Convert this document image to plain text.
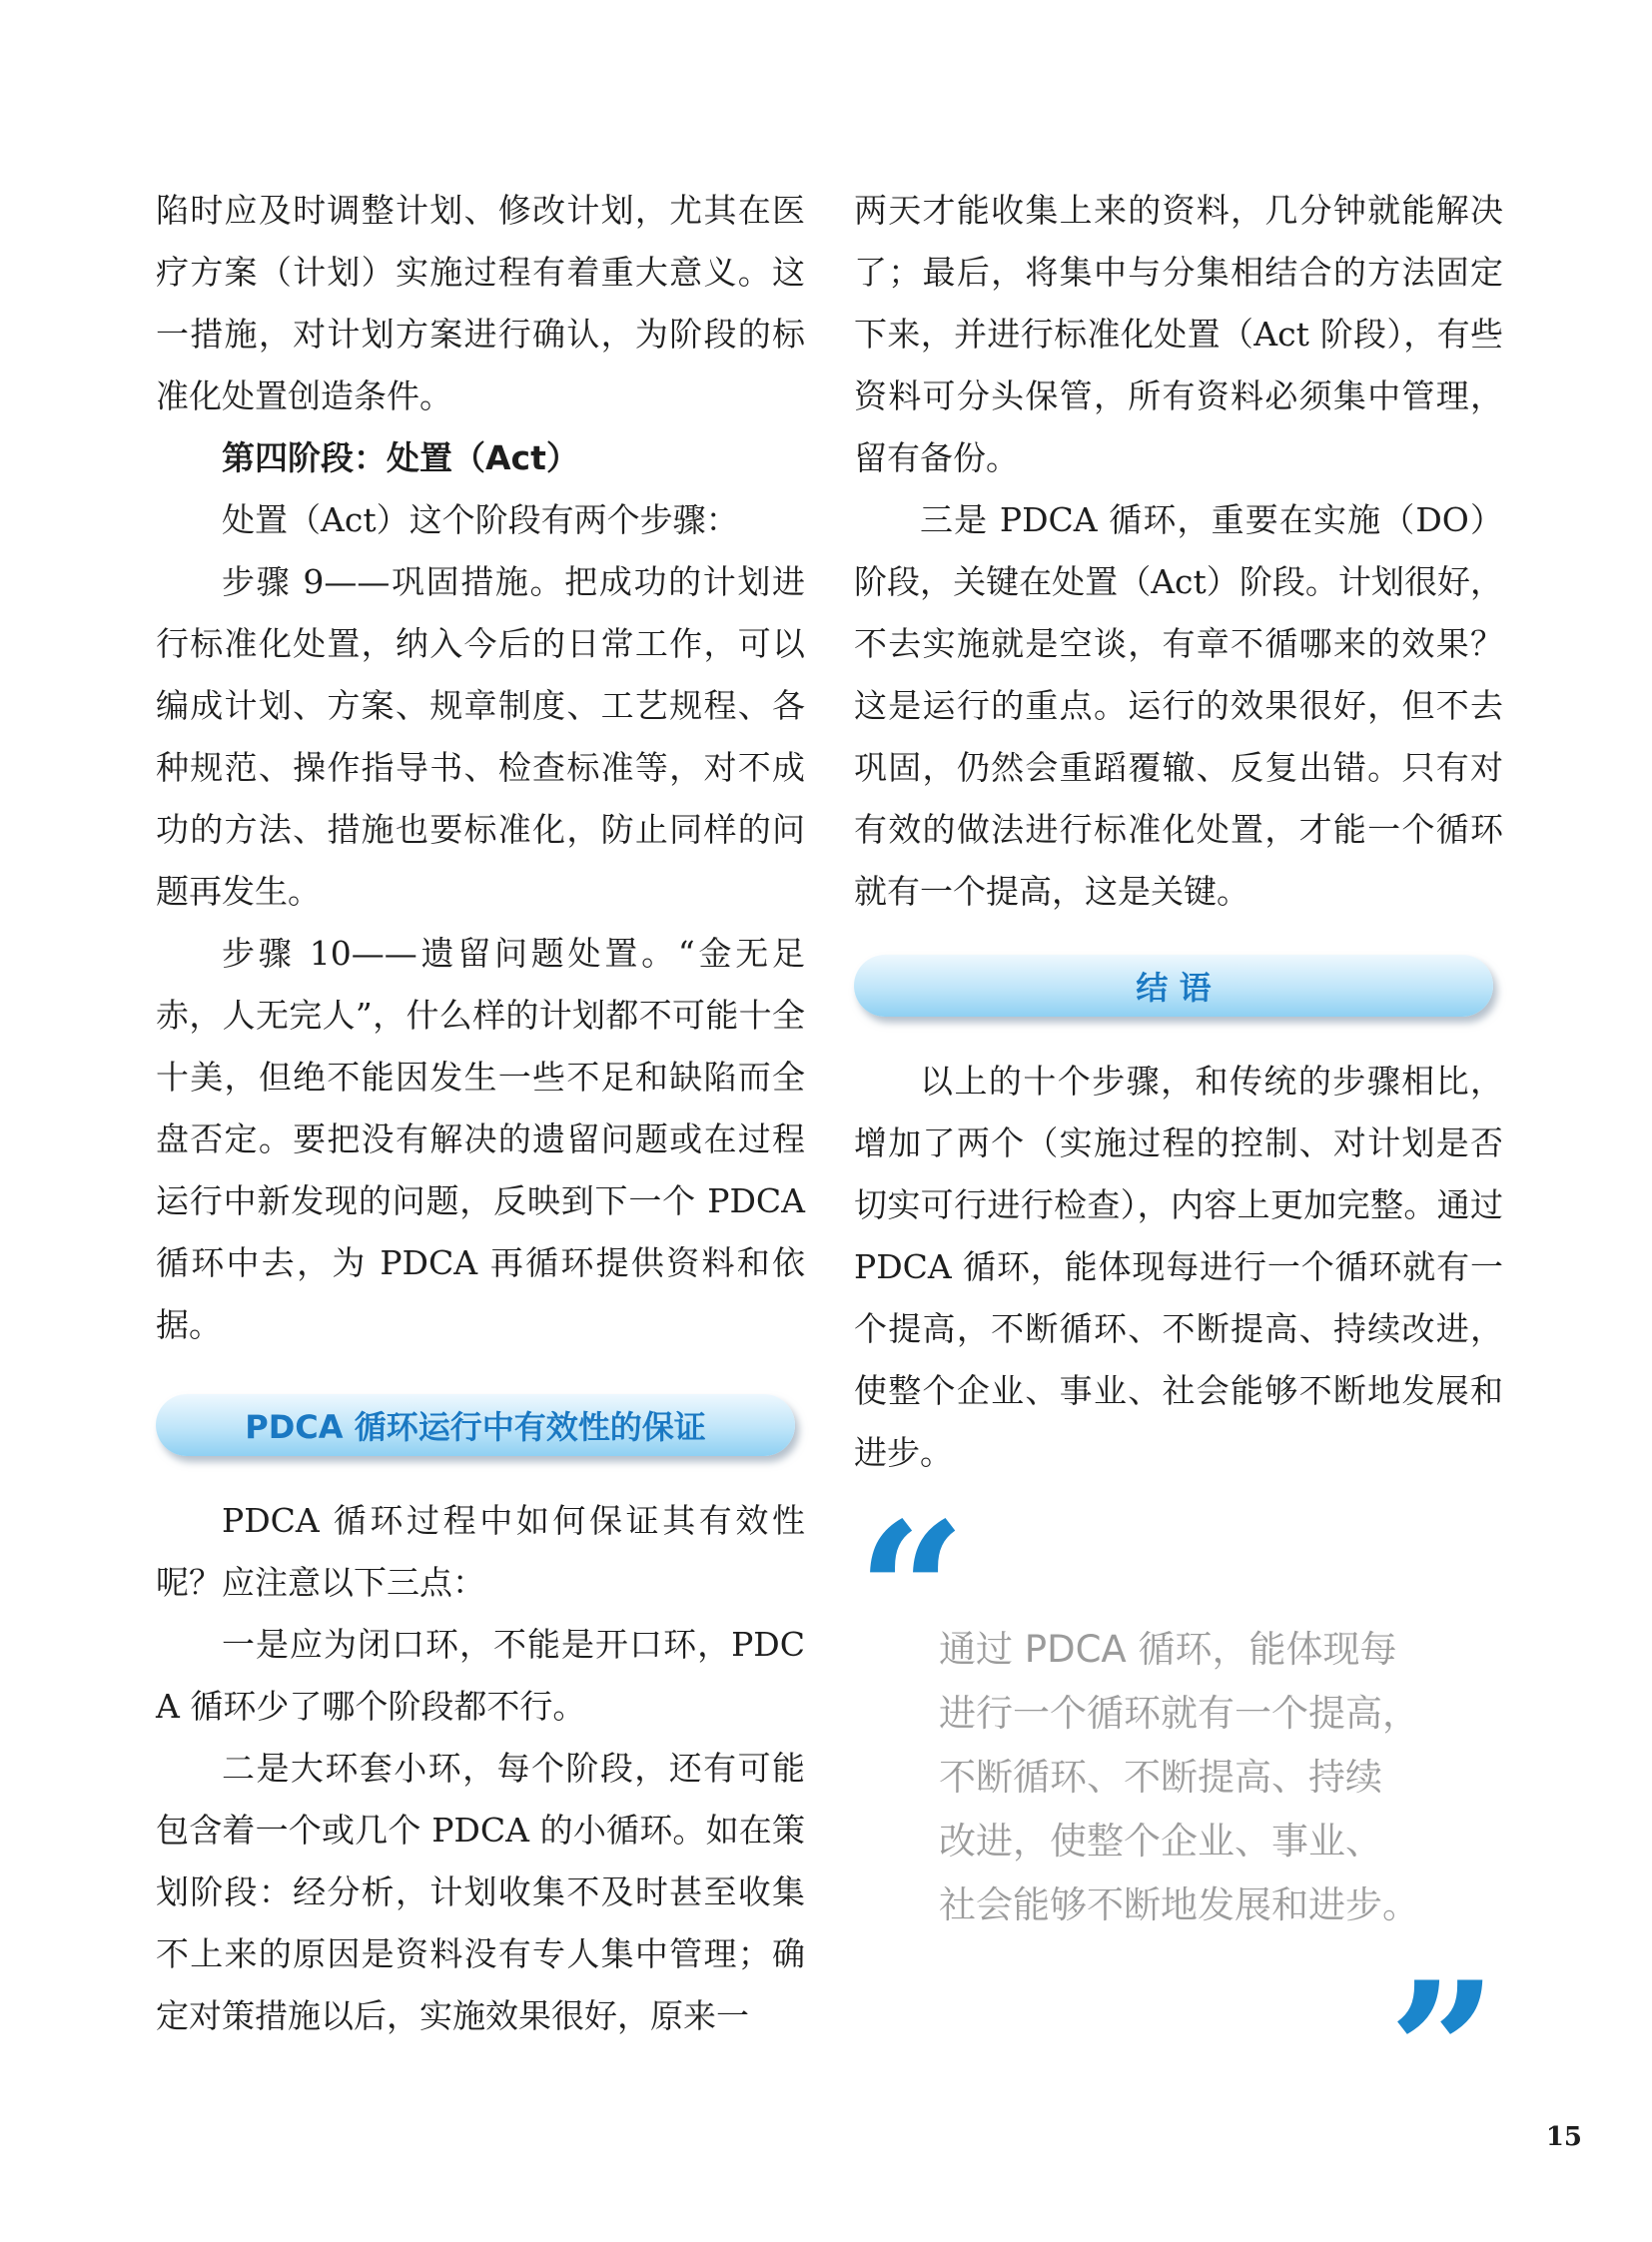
陷时应及时调整计划、修改计划，尤其在医疗方案（计划）实施过程有着重大意义。这一措施，对计划方案进行确认，为阶段的标准化处置创造条件。

第四阶段：处置（Act）

处置（Act）这个阶段有两个步骤：

步骤 9——巩固措施。把成功的计划进行标准化处置，纳入今后的日常工作，可以编成计划、方案、规章制度、工艺规程、各种规范、操作指导书、检查标准等，对不成功的方法、措施也要标准化，防止同样的问题再发生。

步骤 10——遗留问题处置。“金无足赤，人无完人”，什么样的计划都不可能十全十美，但绝不能因发生一些不足和缺陷而全盘否定。要把没有解决的遗留问题或在过程运行中新发现的问题，反映到下一个 PDCA 循环中去，为 PDCA 再循环提供资料和依据。

PDCA 循环运行中有效性的保证

PDCA 循环过程中如何保证其有效性呢？应注意以下三点：

一是应为闭口环，不能是开口环，PDCA 循环少了哪个阶段都不行。

二是大环套小环，每个阶段，还有可能包含着一个或几个 PDCA 的小循环。如在策划阶段：经分析，计划收集不及时甚至收集不上来的原因是资料没有专人集中管理；确定对策措施以后，实施效果很好，原来一

两天才能收集上来的资料，几分钟就能解决了；最后，将集中与分集相结合的方法固定下来，并进行标准化处置（Act 阶段），有些资料可分头保管，所有资料必须集中管理，留有备份。

三是 PDCA 循环，重要在实施（DO）阶段，关键在处置（Act）阶段。计划很好，不去实施就是空谈，有章不循哪来的效果？这是运行的重点。运行的效果很好，但不去巩固，仍然会重蹈覆辙、反复出错。只有对有效的做法进行标准化处置，才能一个循环就有一个提高，这是关键。

结 语

以上的十个步骤，和传统的步骤相比，增加了两个（实施过程的控制、对计划是否切实可行进行检查），内容上更加完整。通过 PDCA 循环，能体现每进行一个循环就有一个提高，不断循环、不断提高、持续改进，使整个企业、事业、社会能够不断地发展和进步。

“
通过 PDCA 循环，能体现每
进行一个循环就有一个提高，
不断循环、不断提高、持续
改进，使整个企业、事业、
社会能够不断地发展和进步。
” 15
